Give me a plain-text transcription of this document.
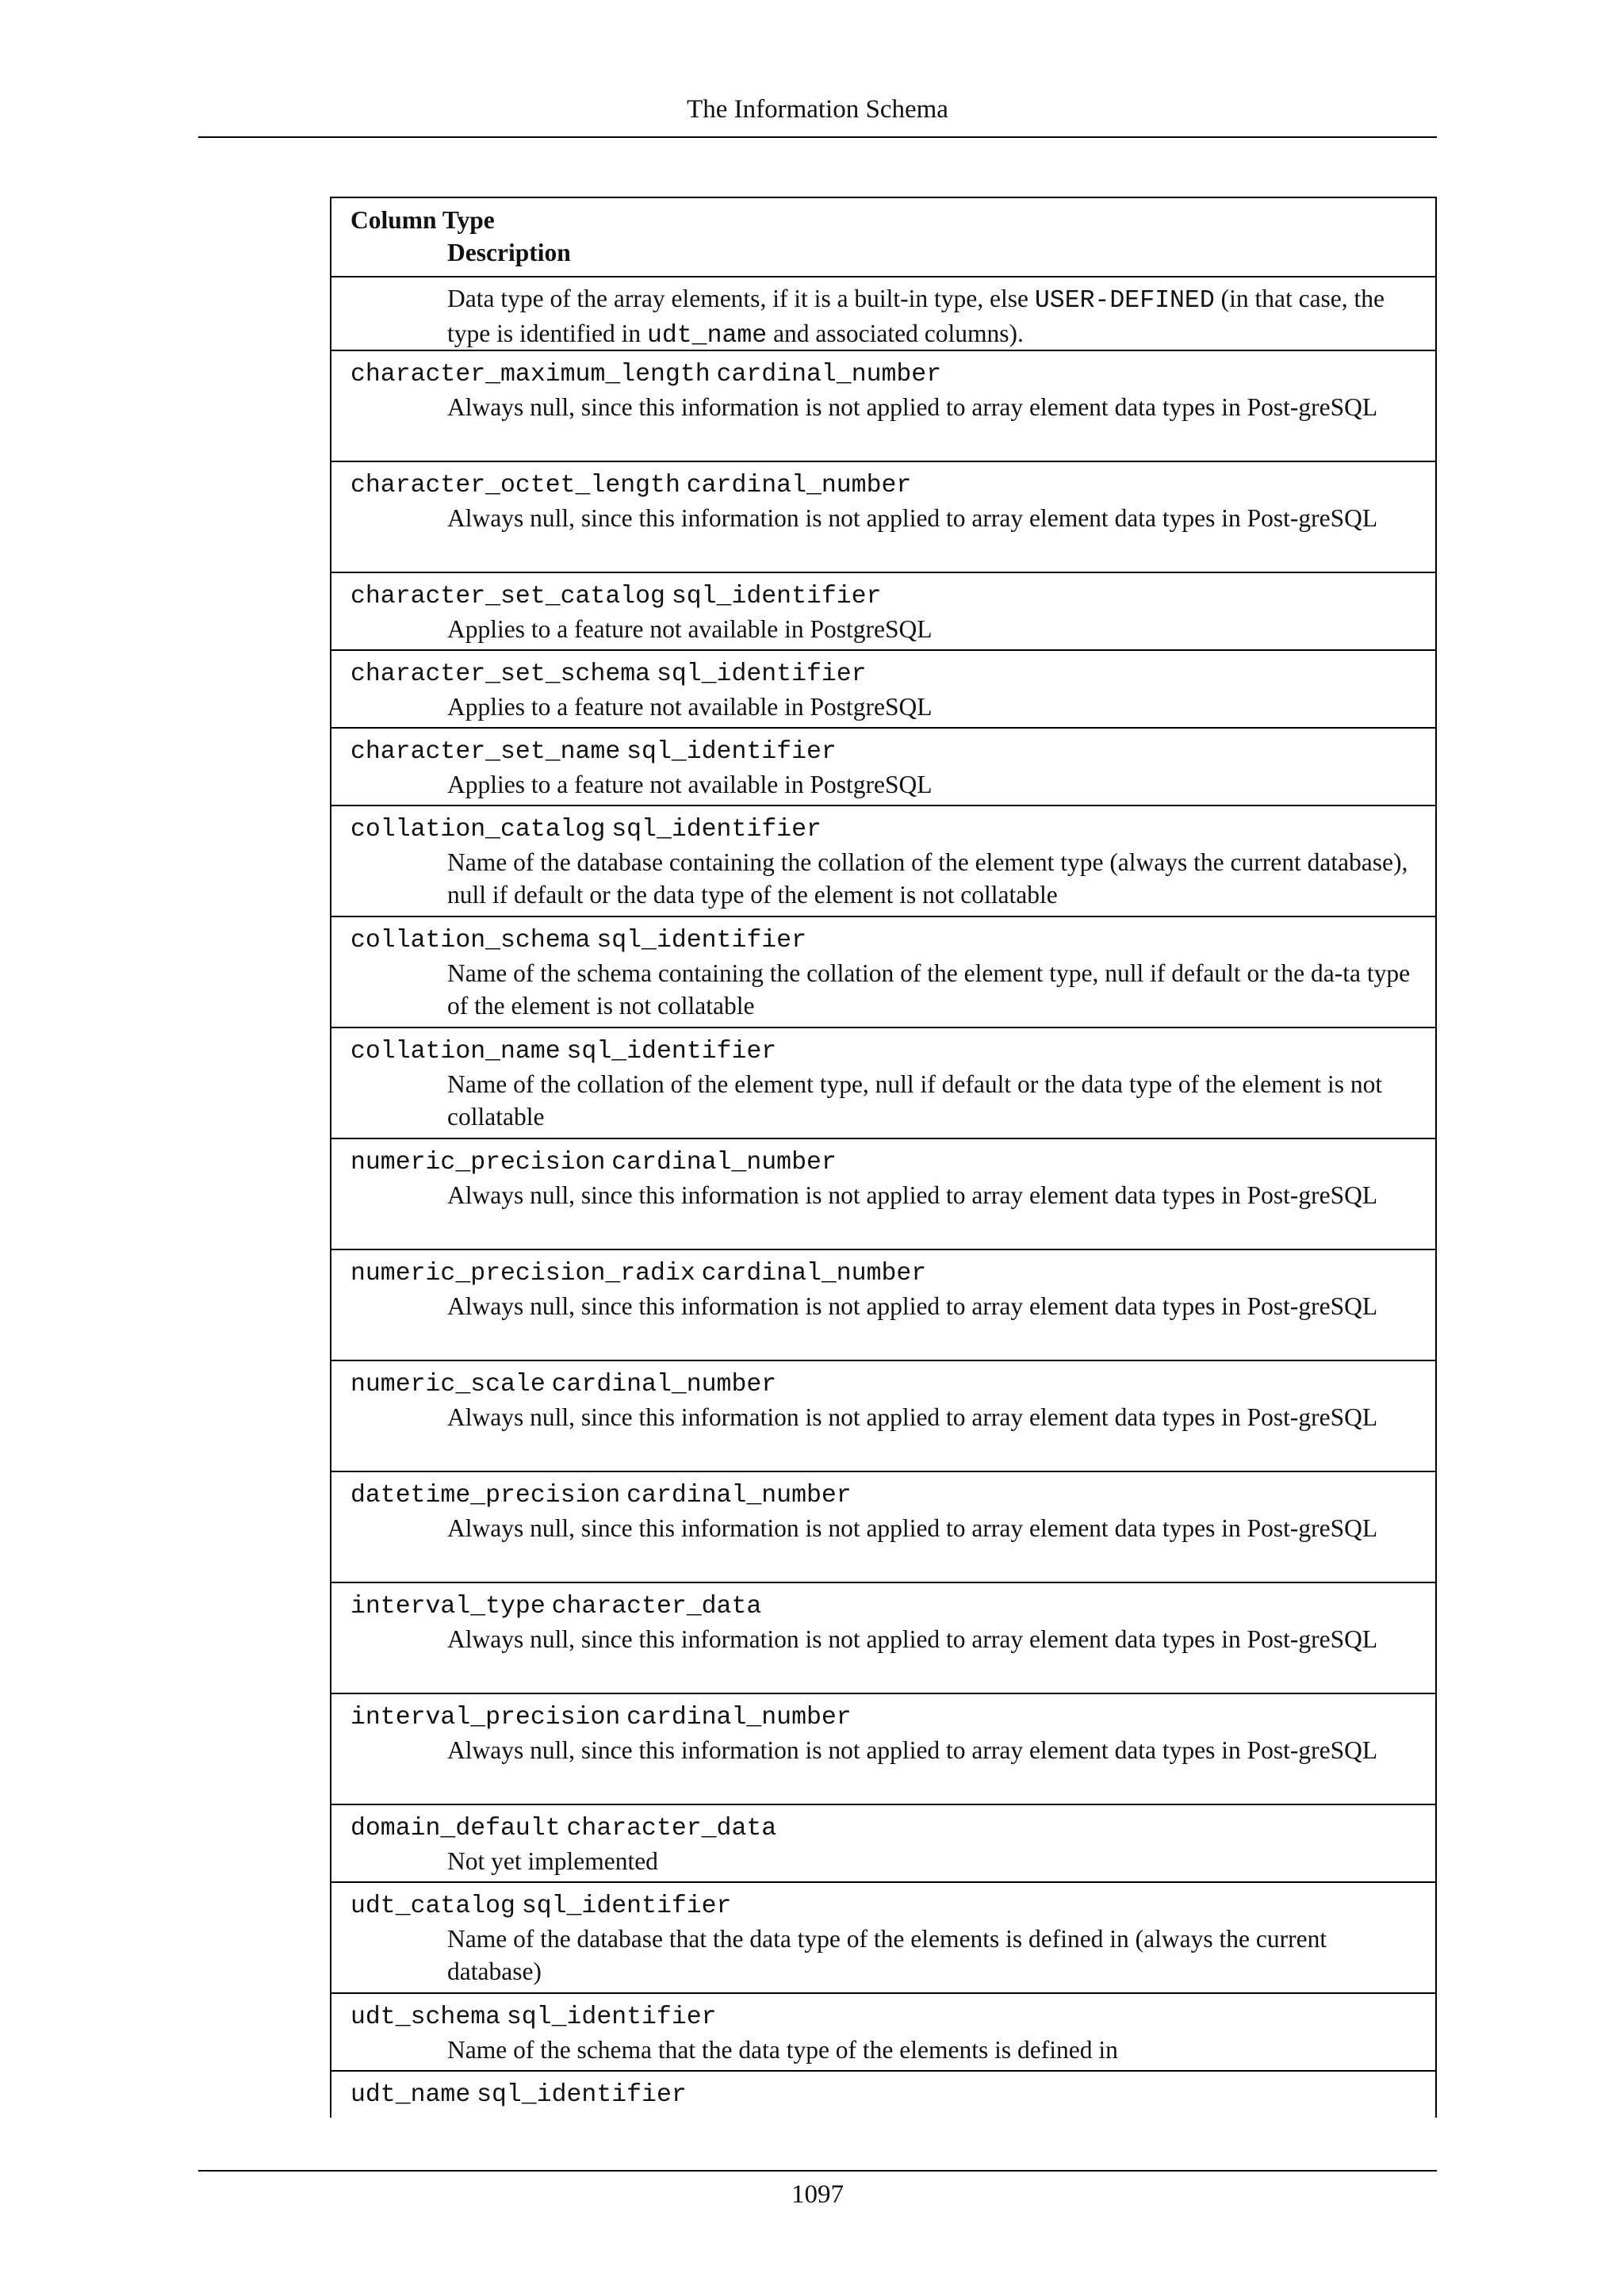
The Information Schema
Column Type
Description
Data type of the array elements, if it is a built-in type, else USER-DEFINED (in that case, the type is identified in udt_name and associated columns).
character_maximum_length cardinal_number
Always null, since this information is not applied to array element data types in Post-greSQL
character_octet_length cardinal_number
Always null, since this information is not applied to array element data types in Post-greSQL
character_set_catalog sql_identifier
Applies to a feature not available in PostgreSQL
character_set_schema sql_identifier
Applies to a feature not available in PostgreSQL
character_set_name sql_identifier
Applies to a feature not available in PostgreSQL
collation_catalog sql_identifier
Name of the database containing the collation of the element type (always the current database), null if default or the data type of the element is not collatable
collation_schema sql_identifier
Name of the schema containing the collation of the element type, null if default or the da-ta type of the element is not collatable
collation_name sql_identifier
Name of the collation of the element type, null if default or the data type of the element is not collatable
numeric_precision cardinal_number
Always null, since this information is not applied to array element data types in Post-greSQL
numeric_precision_radix cardinal_number
Always null, since this information is not applied to array element data types in Post-greSQL
numeric_scale cardinal_number
Always null, since this information is not applied to array element data types in Post-greSQL
datetime_precision cardinal_number
Always null, since this information is not applied to array element data types in Post-greSQL
interval_type character_data
Always null, since this information is not applied to array element data types in Post-greSQL
interval_precision cardinal_number
Always null, since this information is not applied to array element data types in Post-greSQL
domain_default character_data
Not yet implemented
udt_catalog sql_identifier
Name of the database that the data type of the elements is defined in (always the current database)
udt_schema sql_identifier
Name of the schema that the data type of the elements is defined in
udt_name sql_identifier
1097
